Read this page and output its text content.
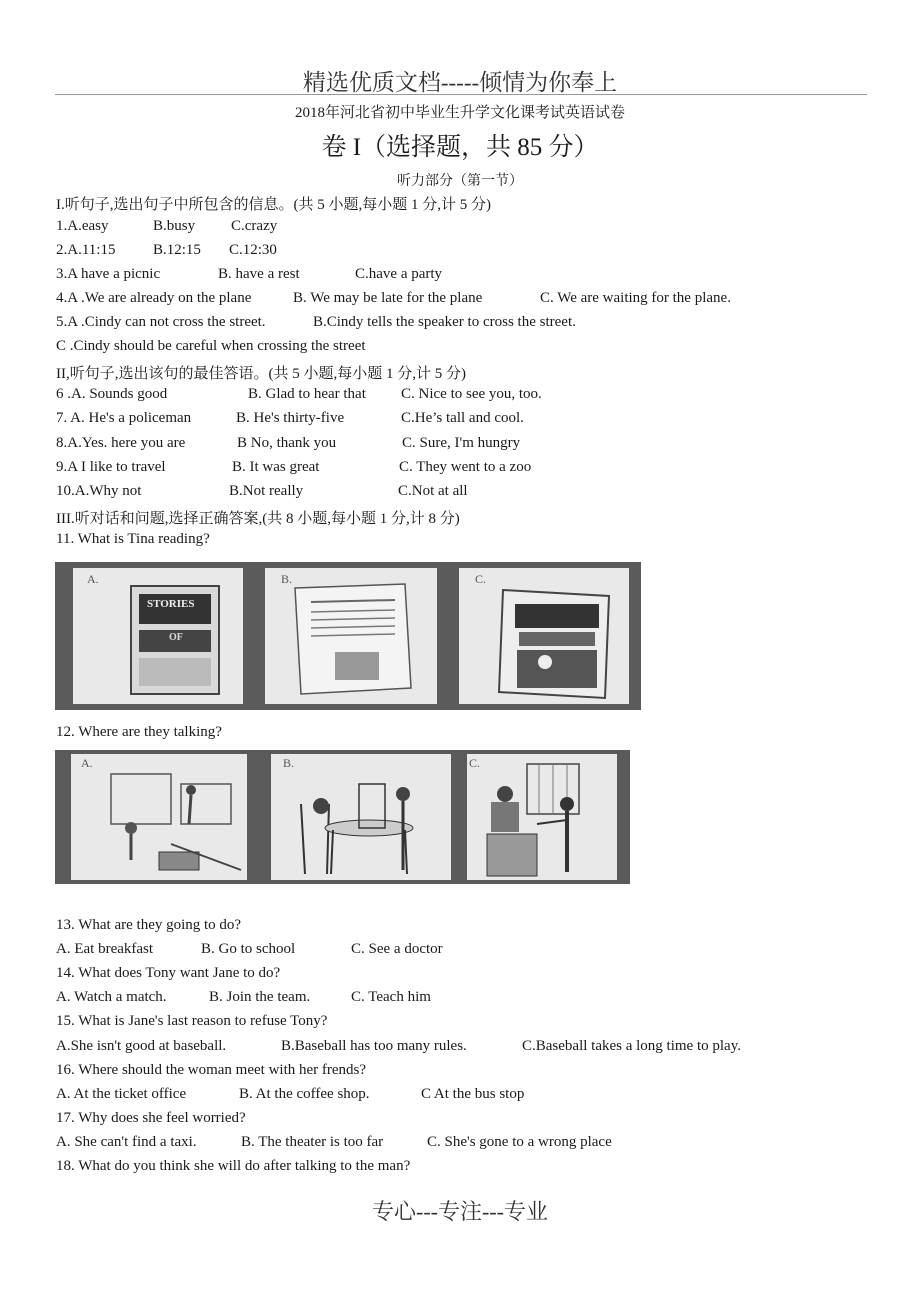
精选优质文档-----倾情为你奉上
2018年河北省初中毕业生升学文化课考试英语试卷
卷 I（选择题，共 85 分）
听力部分（第一节）
I.听句子,选出句子中所包含的信息。(共 5 小题,每小题 1 分,计 5 分)
1.A.easy	B.busy C.crazy
2.A.11:15	B.12:15 C.12:30
3.A have a picnic	B. have a rest	C.have a party
4.A .We are already on the plane	B. We may be late for the plane	C. We are waiting for the plane.
5.A .Cindy can not cross the street.	B.Cindy tells the speaker to cross the street.
C .Cindy should be careful when crossing the street
II,听句子,选出该句的最佳答语。(共 5 小题,每小题 1 分,计 5 分)
6 .A. Sounds good	B. Glad to hear that C. Nice to see you, too.
7. A. He's a policeman	B. He's thirty-five	C.He’s tall and cool.
8.A.Yes. here you are	B No, thank you	C. Sure, I'm hungry
9.A I like to travel	B. It was great	C. They went to a zoo
10.A.Why not	B.Not really	C.Not at all
III.听对话和问题,选择正确答案,(共 8 小题,每小题 1 分,计 8 分)
11. What is Tina reading?
A.
STORIES
OF
B.	C.
12. Where are they talking?
A.	B.	C.
13. What are they going to do?
A. Eat breakfast	B. Go to school	C. See a doctor
14. What does Tony want Jane to do?
A. Watch a match.	B. Join the team.	C. Teach him
15. What is Jane's last reason to refuse Tony?
A.She isn't good at baseball.	B.Baseball has too many rules.	C.Baseball takes a long time to play.
16. Where should the woman meet with her frends?
A. At the ticket office	B. At the coffee shop.	C At the bus stop
17. Why does she feel worried?
A. She can't find a taxi.	B. The theater is too far	C. She's gone to a wrong place
18. What do you think she will do after talking to the man?
专心---专注---专业
